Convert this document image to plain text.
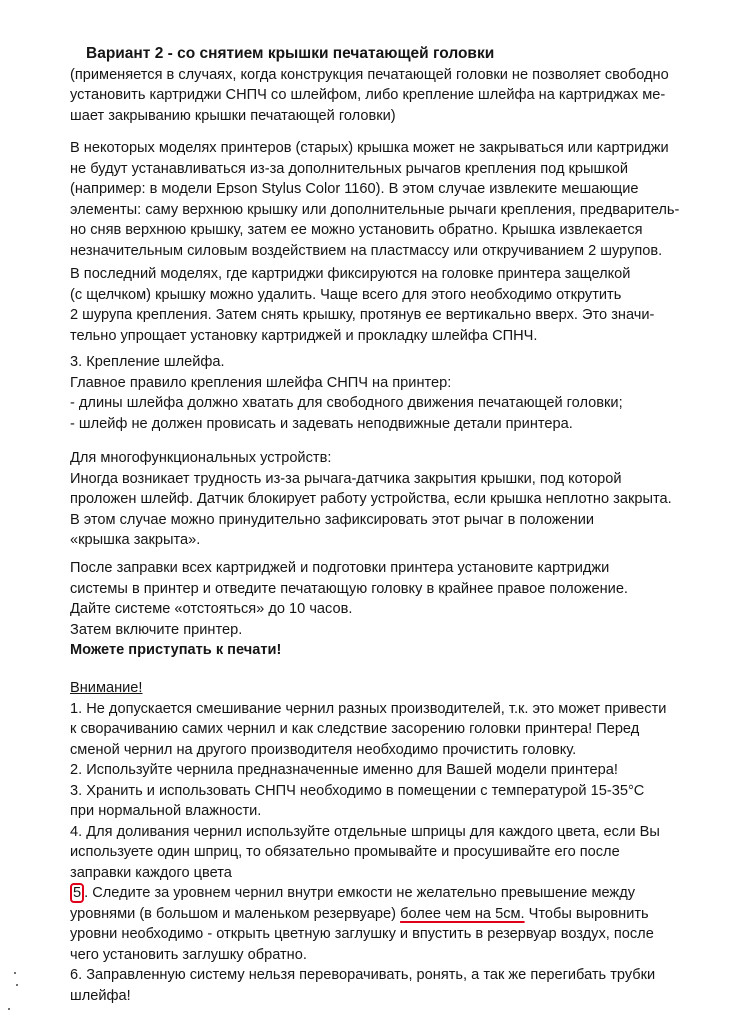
Вариант 2 - со снятием крышки печатающей головки
(применяется в случаях, когда конструкция печатающей головки не позволяет свободно
установить картриджи СНПЧ со шлейфом, либо крепление шлейфа на картриджах ме-
шает закрыванию крышки печатающей головки)
В некоторых моделях принтеров (старых) крышка может не закрываться или картриджи
не будут устанавливаться из-за дополнительных рычагов крепления под крышкой
(например: в модели Epson Stylus Color 1160). В этом случае извлеките мешающие
элементы: саму верхнюю крышку или дополнительные рычаги крепления, предваритель-
но сняв верхнюю крышку, затем ее можно установить обратно. Крышка извлекается
незначительным силовым воздействием на пластмассу или откручиванием 2 шурупов.
В последний моделях, где картриджи фиксируются на головке принтера защелкой
(с щелчком) крышку можно удалить. Чаще всего для этого необходимо открутить
2 шурупа крепления. Затем снять крышку, протянув ее вертикально вверх. Это значи-
тельно упрощает установку картриджей и прокладку шлейфа СПНЧ.
3. Крепление шлейфа.
Главное правило крепления шлейфа СНПЧ на принтер:
- длины шлейфа должно хватать для свободного движения печатающей головки;
- шлейф не должен провисать и задевать неподвижные детали принтера.
Для многофункциональных устройств:
Иногда возникает трудность из-за рычага-датчика закрытия крышки, под которой
проложен шлейф. Датчик блокирует работу устройства, если крышка неплотно закрыта.
В этом случае можно принудительно зафиксировать этот рычаг в положении
«крышка закрыта».
После заправки всех картриджей и подготовки принтера установите картриджи
системы в принтер и отведите печатающую головку в крайнее правое положение.
Дайте системе «отстояться» до 10 часов.
Затем включите принтер.
Можете приступать к печати!
Внимание!
1. Не допускается смешивание чернил разных производителей, т.к. это может привести
к сворачиванию самих чернил и как следствие засорению головки принтера! Перед
сменой чернил на другого производителя необходимо прочистить головку.
2. Используйте чернила предназначенные именно для Вашей модели принтера!
3. Хранить и использовать СНПЧ необходимо в помещении с температурой 15-35°С
при нормальной влажности.
4. Для доливания чернил используйте отдельные шприцы для каждого цвета, если Вы
используете один шприц, то обязательно промывайте и просушивайте его после
заправки каждого цвета
5 . Следите за уровнем чернил внутри емкости не желательно превышение между
уровнями (в большом и маленьком резервуаре) более чем на 5см. Чтобы выровнить
уровни необходимо - открыть цветную заглушку и впустить в резервуар воздух, после
чего установить заглушку обратно.
6. Заправленную систему нельзя переворачивать, ронять, а так же перегибать трубки
шлейфа!
